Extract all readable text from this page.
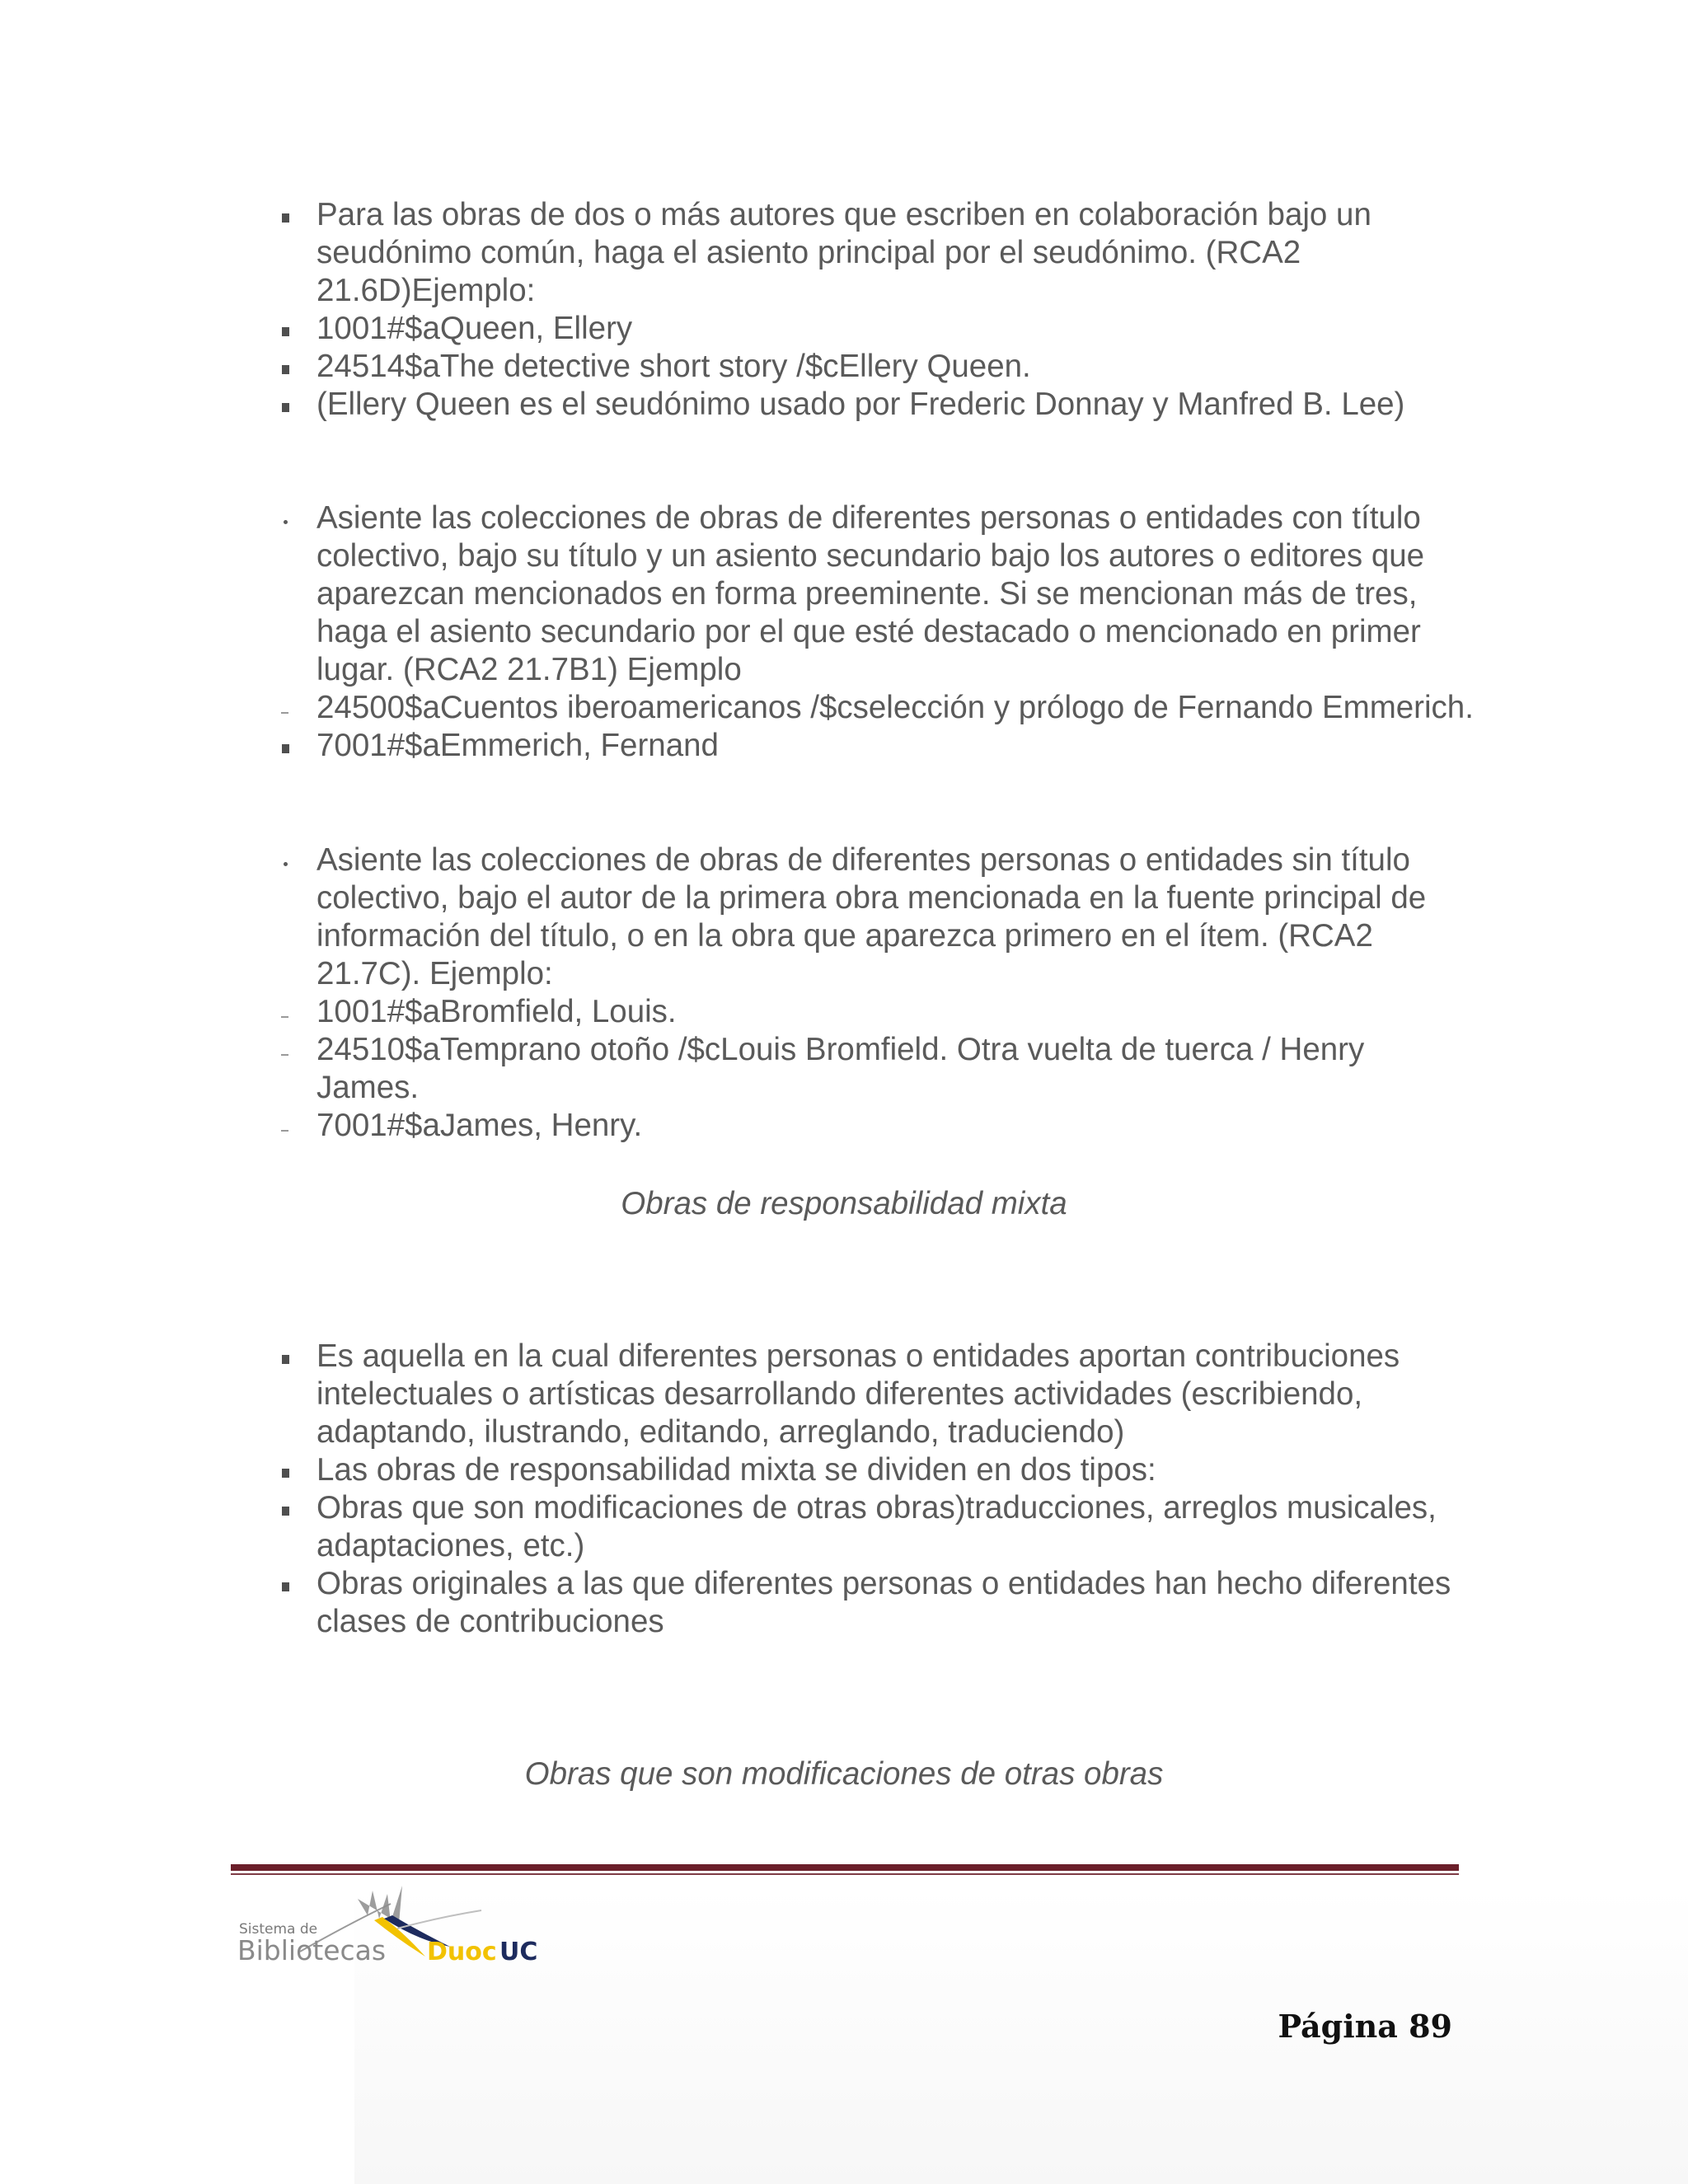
Para las obras de dos o más autores que escriben en colaboración bajo un seudónimo común, haga el asiento principal por el seudónimo. (RCA2 21.6D)Ejemplo:
1001#$aQueen, Ellery
24514$aThe detective short story /$cEllery Queen.
(Ellery Queen es el seudónimo usado por Frederic Donnay y Manfred B. Lee)
Asiente las colecciones de obras de diferentes personas o entidades con título colectivo, bajo su título y un asiento secundario bajo los autores o editores que aparezcan mencionados en forma preeminente. Si se mencionan más de tres, haga el asiento secundario por el que esté destacado o mencionado en primer lugar. (RCA2 21.7B1) Ejemplo
24500$aCuentos iberoamericanos /$cselección y prólogo de Fernando Emmerich.
7001#$aEmmerich, Fernand
Asiente las colecciones de obras de diferentes personas o entidades sin título colectivo, bajo el autor de la primera obra mencionada en la fuente principal de información del título, o en la obra que aparezca primero en el ítem. (RCA2 21.7C). Ejemplo:
1001#$aBromfield, Louis.
24510$aTemprano otoño /$cLouis Bromfield. Otra vuelta de tuerca / Henry James.
7001#$aJames, Henry.
Obras de responsabilidad mixta
Es aquella en la cual diferentes personas o entidades aportan contribuciones intelectuales o artísticas desarrollando diferentes actividades (escribiendo, adaptando, ilustrando, editando, arreglando, traduciendo)
Las obras de responsabilidad mixta se dividen en dos tipos:
Obras que son modificaciones de otras obras)traducciones, arreglos musicales, adaptaciones, etc.)
Obras originales a las que diferentes personas o entidades han hecho diferentes clases de contribuciones
Obras que son modificaciones de otras obras
Sistema de
Bibliotecas Duoc UC
Página 89
